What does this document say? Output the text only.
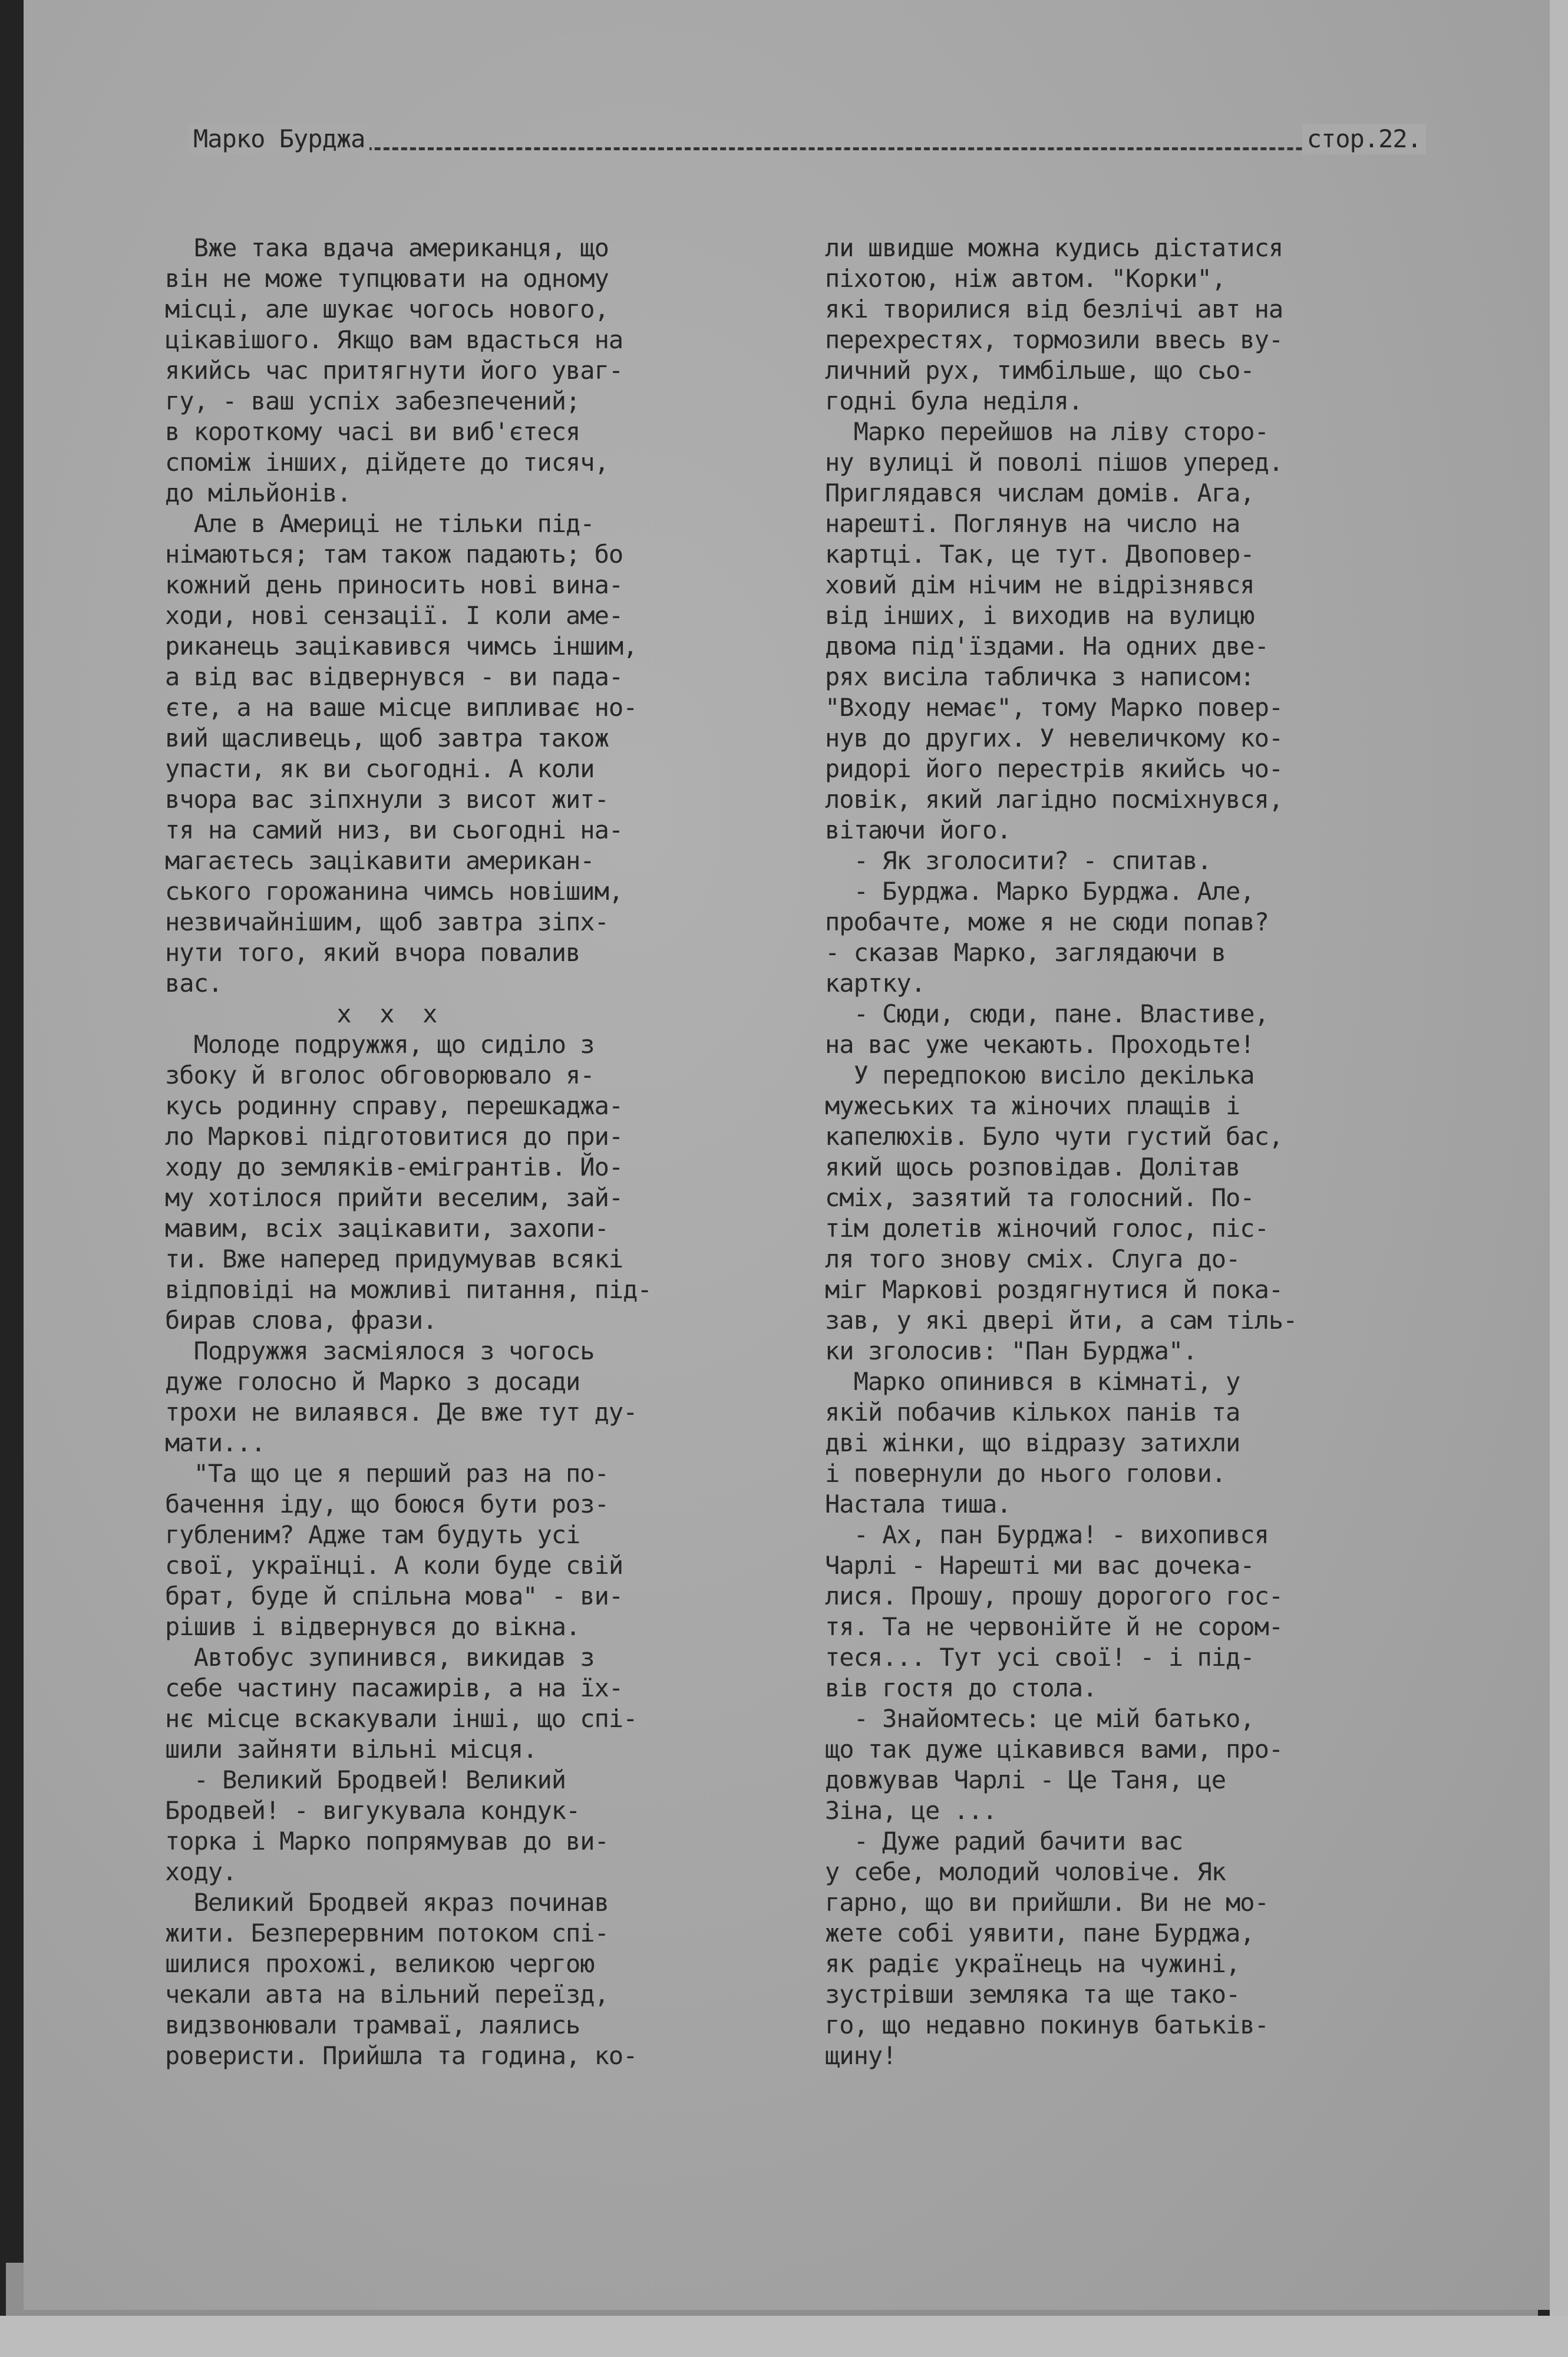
Марко Бурджа	стор.22.
Вже така вдача американця, що
він не може тупцювати на одному
місці, але шукає чогось нового,
цікавішого. Якщо вам вдасться на
якийсь час притягнути його уваг-
гу, - ваш успіх забезпечений;
в короткому часі ви виб'єтеся
споміж інших, дійдете до тисяч,
до мільйонів.
Але в Америці не тільки під-
німаються; там також падають; бо
кожний день приносить нові вина-
ходи, нові сензації. І коли аме-
риканець зацікавився чимсь іншим,
а від вас відвернувся - ви пада-
єте, а на ваше місце випливає но-
вий щасливець, щоб завтра також
упасти, як ви сьогодні. А коли
вчора вас зіпхнули з висот жит-
тя на самий низ, ви сьогодні на-
магаєтесь зацікавити американ-
ського горожанина чимсь новішим,
незвичайнішим, щоб завтра зіпх-
нути того, який вчора повалив
вас.
х  х  х
Молоде подружжя, що сиділо з
збоку й вголос обговорювало я-
кусь родинну справу, перешкаджа-
ло Маркові підготовитися до при-
ходу до земляків-емігрантів. Йо-
му хотілося прийти веселим, зай-
мавим, всіх зацікавити, захопи-
ти. Вже наперед придумував всякі
відповіді на можливі питання, під-
бирав слова, фрази.
Подружжя засміялося з чогось
дуже голосно й Марко з досади
трохи не вилаявся. Де вже тут ду-
мати...
"Та що це я перший раз на по-
бачення іду, що боюся бути роз-
губленим? Адже там будуть усі
свої, українці. А коли буде свій
брат, буде й спільна мова" - ви-
рішив і відвернувся до вікна.
Автобус зупинився, викидав з
себе частину пасажирів, а на їх-
нє місце вскакували інші, що спі-
шили зайняти вільні місця.
- Великий Бродвей! Великий
Бродвей! - вигукувала кондук-
торка і Марко попрямував до ви-
ходу.
Великий Бродвей якраз починав
жити. Безперервним потоком спі-
шилися прохожі, великою чергою
чекали авта на вільний переїзд,
видзвонювали трамваї, лаялись
ровериcти. Прийшла та година, ко-
ли швидше можна кудись дістатися
піхотою, ніж автом. "Корки",
які творилися від безлічі авт на
перехрестях, тормозили ввесь ву-
личний рух, тимбільше, що сьо-
годні була неділя.
Марко перейшов на ліву сторо-
ну вулиці й поволі пішов уперед.
Приглядався числам домів. Ага,
нарешті. Поглянув на число на
картці. Так, це тут. Двоповер-
ховий дім нічим не відрізнявся
від інших, і виходив на вулицю
двома під'їздами. На одних две-
рях висіла табличка з написом:
"Входу немає", тому Марко повер-
нув до других. У невеличкому ко-
ридорі його перестрів якийсь чо-
ловік, який лагідно посміхнувся,
вітаючи його.
- Як зголосити? - спитав.
- Бурджа. Марко Бурджа. Але,
пробачте, може я не сюди попав?
- сказав Марко, заглядаючи в
картку.
- Сюди, сюди, пане. Властиве,
на вас уже чекають. Проходьте!
У передпокою висіло декілька
мужеських та жіночих плащів і
капелюхів. Було чути густий бас,
який щось розповідав. Долітав
сміх, зазятий та голосний. По-
тім долетів жіночий голос, піс-
ля того знову сміх. Слуга до-
міг Маркові роздягнутися й пока-
зав, у які двері йти, а сам тіль-
ки зголосив: "Пан Бурджа".
Марко опинився в кімнаті, у
якій побачив кількох панів та
дві жінки, що відразу затихли
і повернули до нього голови.
Настала тиша.
- Ах, пан Бурджа! - вихопився
Чарлі - Нарешті ми вас дочека-
лися. Прошу, прошу дорогого гос-
тя. Та не червонійте й не сором-
теся... Тут усі свої! - і під-
вів гостя до стола.
- Знайомтесь: це мій батько,
що так дуже цікавився вами, про-
довжував Чарлі - Це Таня, це
Зіна, це ...
- Дуже радий бачити вас
у себе, молодий чоловіче. Як
гарно, що ви прийшли. Ви не мо-
жете собі уявити, пане Бурджа,
як радіє українець на чужині,
зустрівши земляка та ще тако-
го, що недавно покинув батьків-
щину!
